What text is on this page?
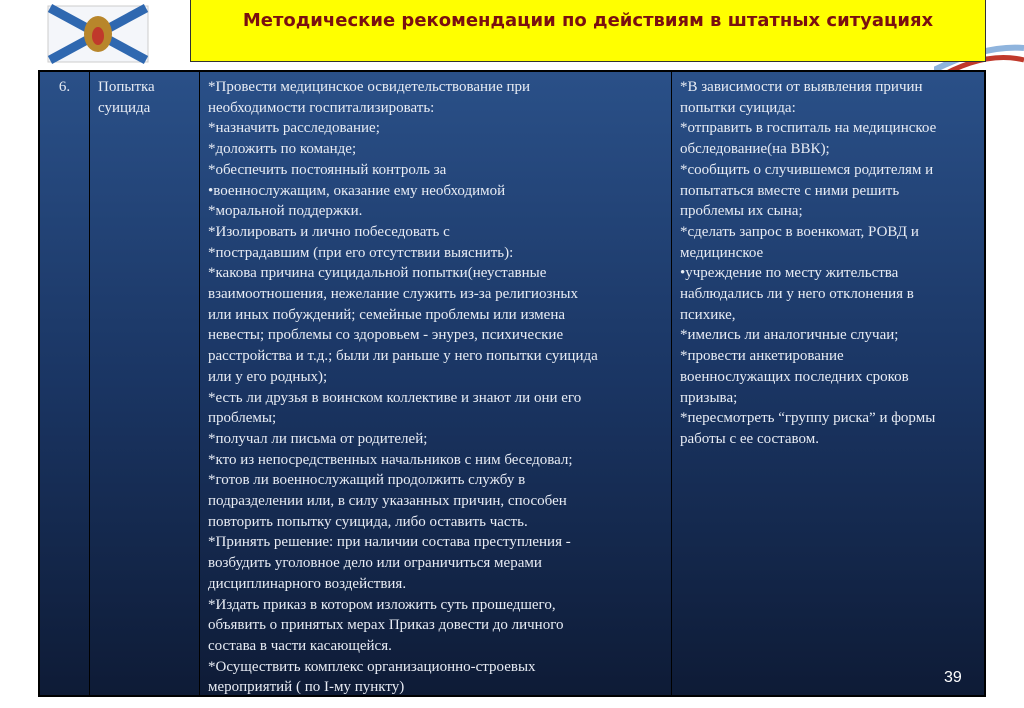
Методические рекомендации по действиям в штатных ситуациях
6.	Попытка
суицида
*Провести медицинское освидетельствование при
необходимости госпитализировать:
*назначить расследование;
*доложить по команде;
*обеспечить постоянный контроль за
•военнослужащим, оказание ему необходимой
*моральной поддержки.
*Изолировать и лично побеседовать с
*пострадавшим (при его отсутствии выяснить):
*какова причина суицидальной попытки(неуставные
взаимоотношения, нежелание служить из-за религиозных
или иных побуждений; семейные проблемы или измена
невесты; проблемы со здоровьем - энурез, психические
расстройства и т.д.; были ли раньше у него попытки суицида
или у его родных);
*есть ли друзья в воинском коллективе и знают ли они его
проблемы;
*получал ли письма от родителей;
*кто из непосредственных начальников с ним беседовал;
*готов ли военнослужащий продолжить службу в
подразделении или, в силу указанных причин, способен
повторить попытку суицида, либо оставить часть.
*Принять решение: при наличии состава преступления -
возбудить уголовное дело или ограничиться мерами
дисциплинарного воздействия.
*Издать приказ в котором изложить суть прошедшего,
объявить о принятых мерах Приказ довести до личного
состава в части касающейся.
*Осуществить комплекс организационно-строевых
мероприятий ( по I-му пункту)
*В зависимости от выявления причин
попытки суицида:
*отправить в госпиталь на медицинское
обследование(на ВВК);
*сообщить о случившемся родителям и
попытаться вместе с ними решить
проблемы их сына;
*сделать запрос в военкомат, РОВД и
медицинское
•учреждение по месту жительства
наблюдались ли у него отклонения в
психике,
*имелись ли аналогичные случаи;
*провести анкетирование
военнослужащих последних сроков
призыва;
*пересмотреть “группу риска” и формы
работы с ее составом.
39
